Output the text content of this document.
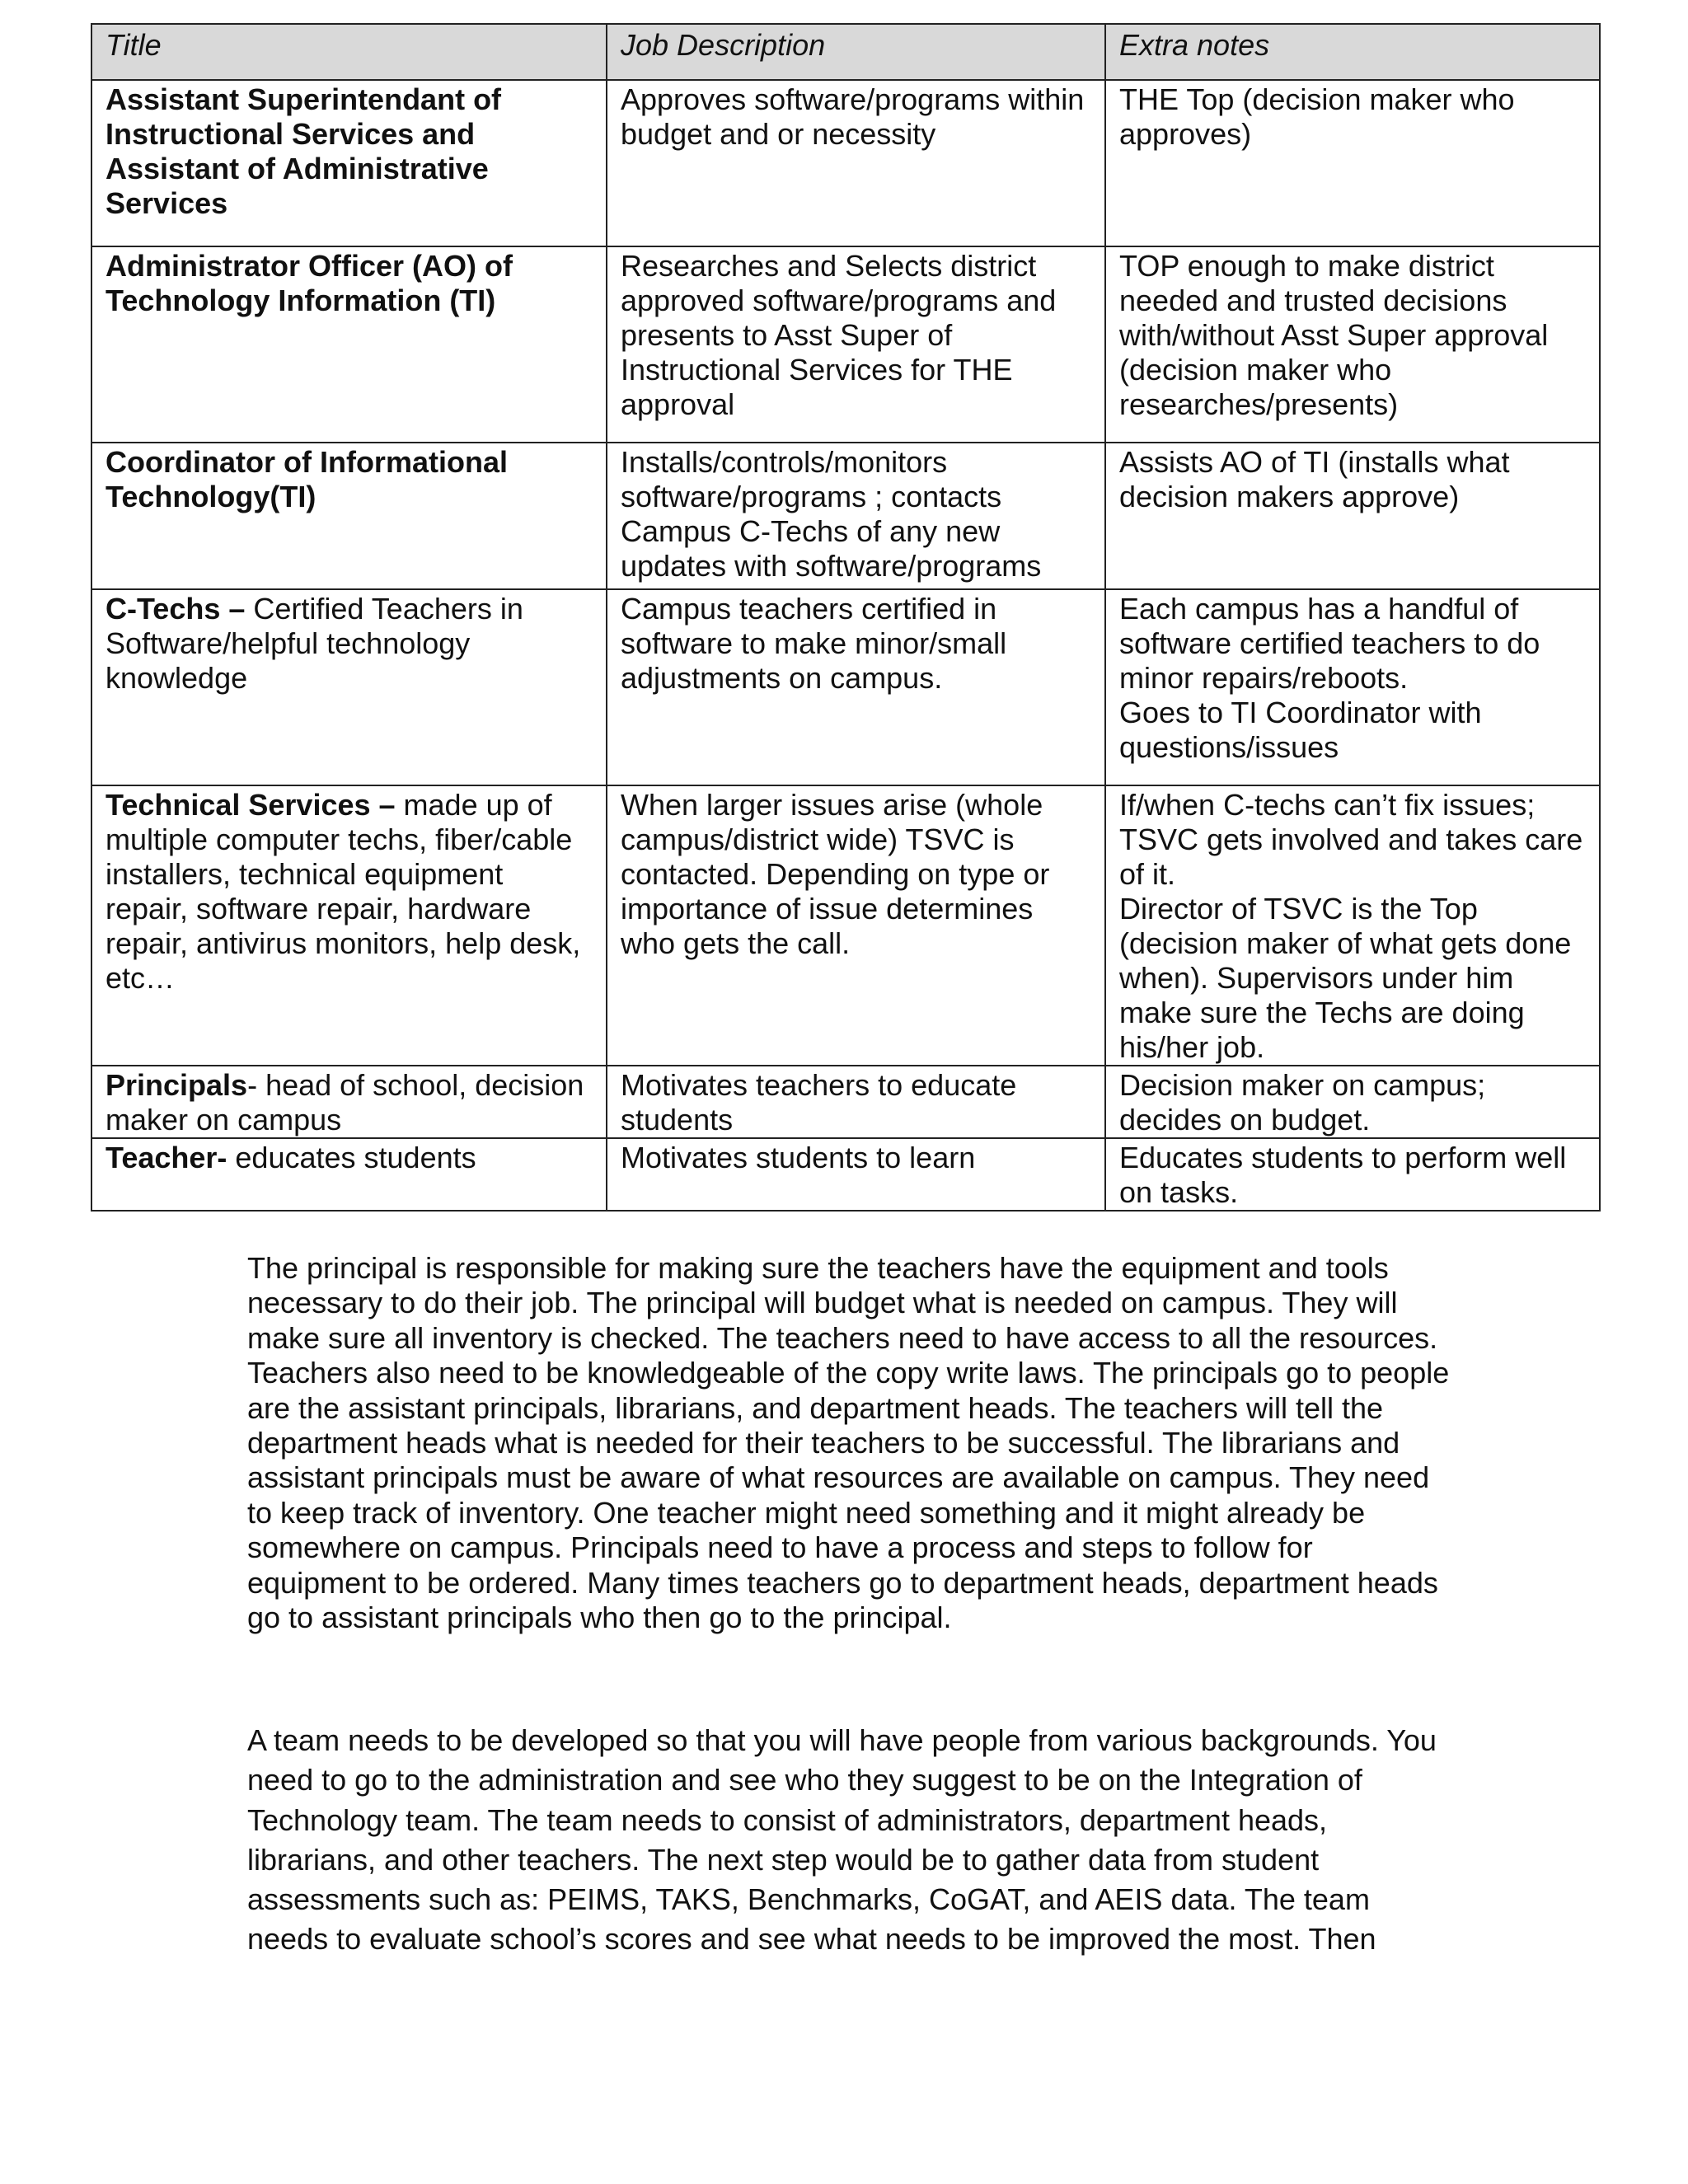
Title	Job Description	Extra notes
Assistant Superintendant of Instructional Services and Assistant of Administrative Services	Approves software/programs within budget and or necessity	THE Top (decision maker who approves)

Administrator Officer (AO) of Technology Information (TI)	Researches and Selects district approved software/programs and presents to Asst Super of Instructional Services for THE approval	TOP enough to make district needed and trusted decisions with/without Asst Super approval (decision maker who researches/presents)

Coordinator of Informational Technology(TI)	Installs/controls/monitors software/programs ; contacts Campus C-Techs of any new updates with software/programs	Assists AO of TI (installs what decision makers approve)

C-Techs – Certified Teachers in Software/helpful technology knowledge	Campus teachers certified in software to make minor/small adjustments on campus.	Each campus has a handful of software certified teachers to do minor repairs/reboots.
Goes to TI Coordinator with questions/issues

Technical Services – made up of multiple computer techs, fiber/cable installers, technical equipment repair, software repair, hardware repair, antivirus monitors, help desk, etc…	When larger issues arise (whole campus/district wide) TSVC is contacted. Depending on type or importance of issue determines who gets the call.	If/when C-techs can’t fix issues; TSVC gets involved and takes care of it.
Director of TSVC is the Top (decision maker of what gets done when). Supervisors under him make sure the Techs are doing his/her job.

Principals- head of school, decision maker on campus	Motivates teachers to educate students	Decision maker on campus; decides on budget.

Teacher- educates students	Motivates students to learn	Educates students to perform well on tasks.

The principal is responsible for making sure the teachers have the equipment and tools necessary to do their job. The principal will budget what is needed on campus. They will make sure all inventory is checked. The teachers need to have access to all the resources. Teachers also need to be knowledgeable of the copy write laws. The principals go to people are the assistant principals, librarians, and department heads. The teachers will tell the department heads what is needed for their teachers to be successful. The librarians and assistant principals must be aware of what resources are available on campus. They need to keep track of inventory. One teacher might need something and it might already be somewhere on campus. Principals need to have a process and steps to follow for equipment to be ordered. Many times teachers go to department heads, department heads go to assistant principals who then go to the principal.

A team needs to be developed so that you will have people from various backgrounds. You need to go to the administration and see who they suggest to be on the Integration of Technology team. The team needs to consist of administrators, department heads, librarians, and other teachers. The next step would be to gather data from student assessments such as: PEIMS, TAKS, Benchmarks, CoGAT, and AEIS data. The team needs to evaluate school’s scores and see what needs to be improved the most. Then
